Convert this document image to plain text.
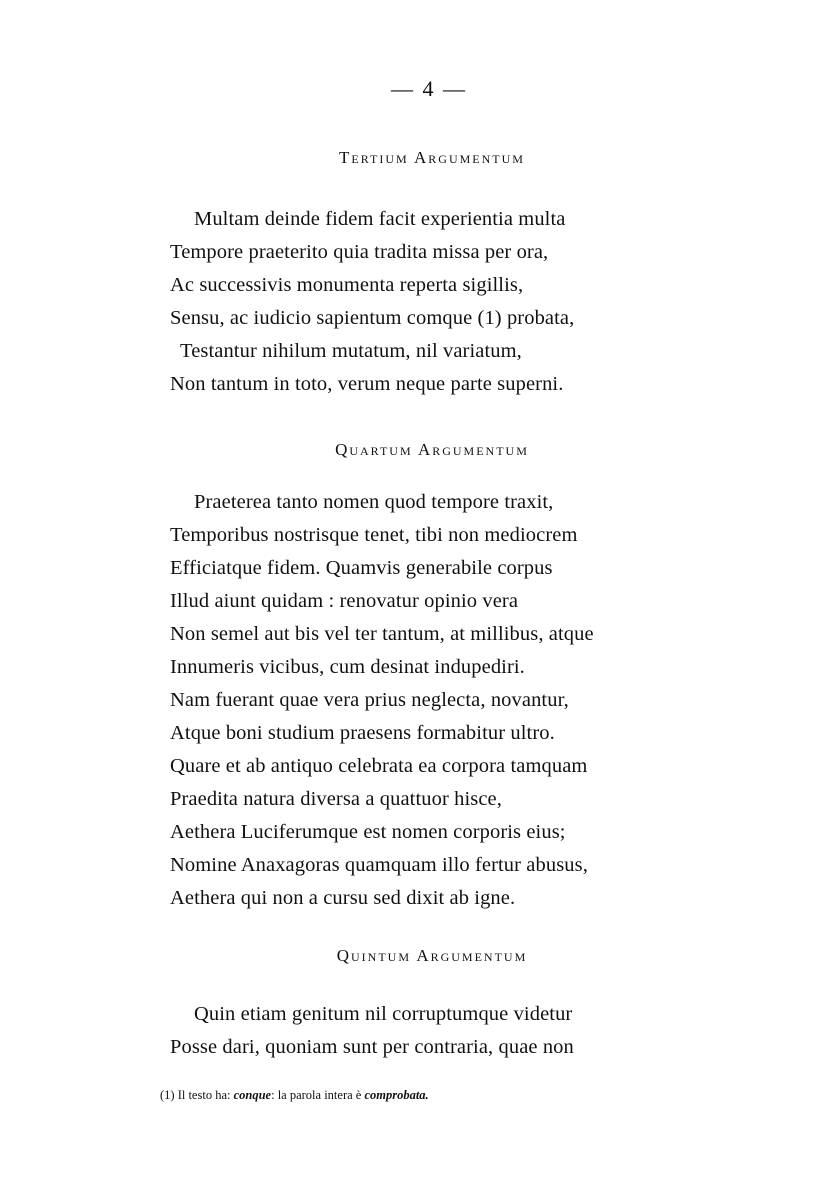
— 4 —
Tertium Argumentum
Multam deinde fidem facit experientia multa
Tempore praeterito quia tradita missa per ora,
Ac successivis monumenta reperta sigillis,
Sensu, ac iudicio sapientum comque (1) probata,
Testantur nihilum mutatum, nil variatum,
Non tantum in toto, verum neque parte superni.
Quartum Argumentum
Praeterea tanto nomen quod tempore traxit,
Temporibus nostrisque tenet, tibi non mediocrem
Efficiatque fidem. Quamvis generabile corpus
Illud aiunt quidam : renovatur opinio vera
Non semel aut bis vel ter tantum, at millibus, atque
Innumeris vicibus, cum desinat indupediri.
Nam fuerant quae vera prius neglecta, novantur,
Atque boni studium praesens formabitur ultro.
Quare et ab antiquo celebrata ea corpora tamquam
Praedita natura diversa a quattuor hisce,
Aethera Luciferumque est nomen corporis eius;
Nomine Anaxagoras quamquam illo fertur abusus,
Aethera qui non a cursu sed dixit ab igne.
Quintum Argumentum
Quin etiam genitum nil corruptumque videtur
Posse dari, quoniam sunt per contraria, quae non
(1) Il testo ha: conque: la parola intera è comprobata.
